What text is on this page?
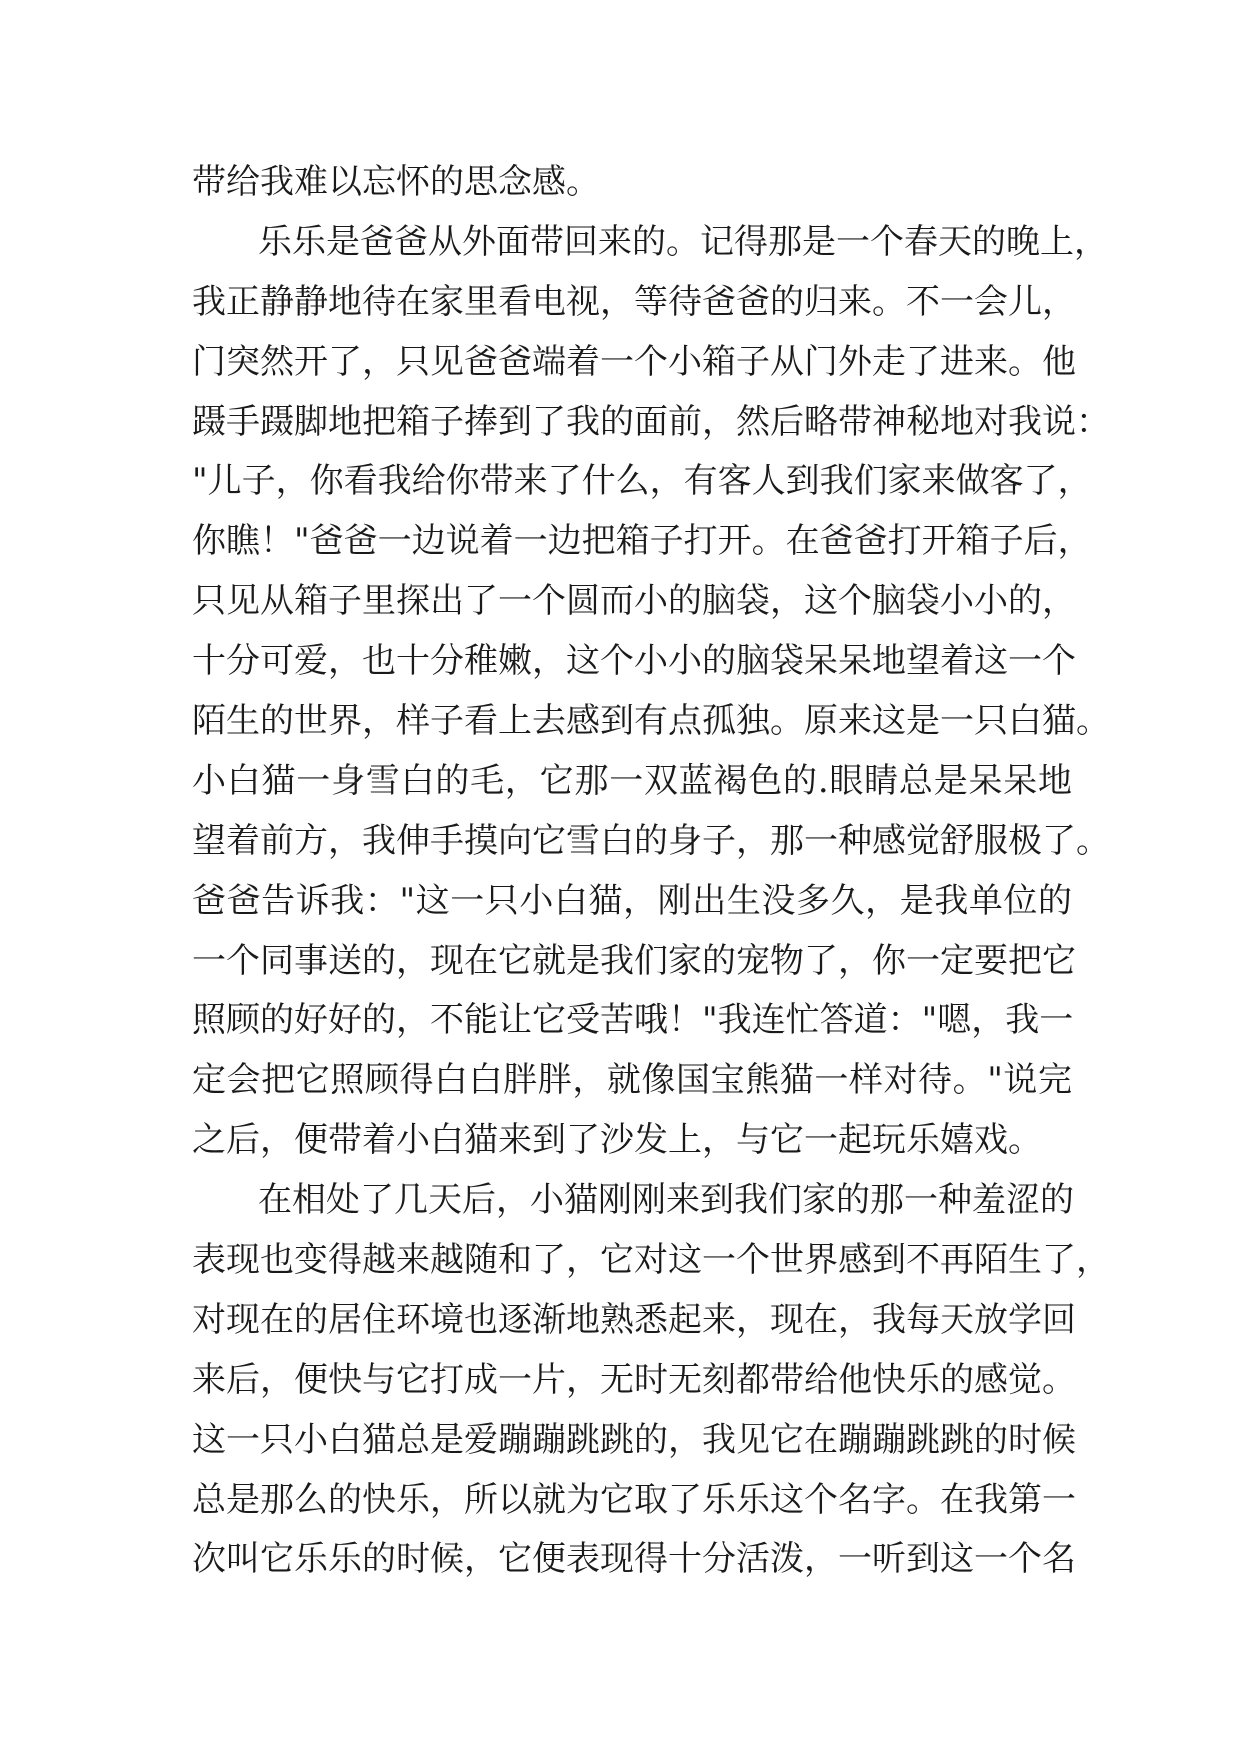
带给我难以忘怀的思念感。
乐乐是爸爸从外面带回来的。记得那是一个春天的晚上，
我正静静地待在家里看电视，等待爸爸的归来。不一会儿，
门突然开了，只见爸爸端着一个小箱子从门外走了进来。他
蹑手蹑脚地把箱子捧到了我的面前，然后略带神秘地对我说：
"儿子，你看我给你带来了什么，有客人到我们家来做客了，
你瞧！"爸爸一边说着一边把箱子打开。在爸爸打开箱子后，
只见从箱子里探出了一个圆而小的脑袋，这个脑袋小小的，
十分可爱，也十分稚嫩，这个小小的脑袋呆呆地望着这一个
陌生的世界，样子看上去感到有点孤独。原来这是一只白猫。
小白猫一身雪白的毛，它那一双蓝褐色的.眼睛总是呆呆地
望着前方，我伸手摸向它雪白的身子，那一种感觉舒服极了。
爸爸告诉我："这一只小白猫，刚出生没多久，是我单位的
一个同事送的，现在它就是我们家的宠物了，你一定要把它
照顾的好好的，不能让它受苦哦！"我连忙答道："嗯，我一
定会把它照顾得白白胖胖，就像国宝熊猫一样对待。"说完
之后，便带着小白猫来到了沙发上，与它一起玩乐嬉戏。
在相处了几天后，小猫刚刚来到我们家的那一种羞涩的
表现也变得越来越随和了，它对这一个世界感到不再陌生了，
对现在的居住环境也逐渐地熟悉起来，现在，我每天放学回
来后，便快与它打成一片，无时无刻都带给他快乐的感觉。
这一只小白猫总是爱蹦蹦跳跳的，我见它在蹦蹦跳跳的时候
总是那么的快乐，所以就为它取了乐乐这个名字。在我第一
次叫它乐乐的时候，它便表现得十分活泼，一听到这一个名
